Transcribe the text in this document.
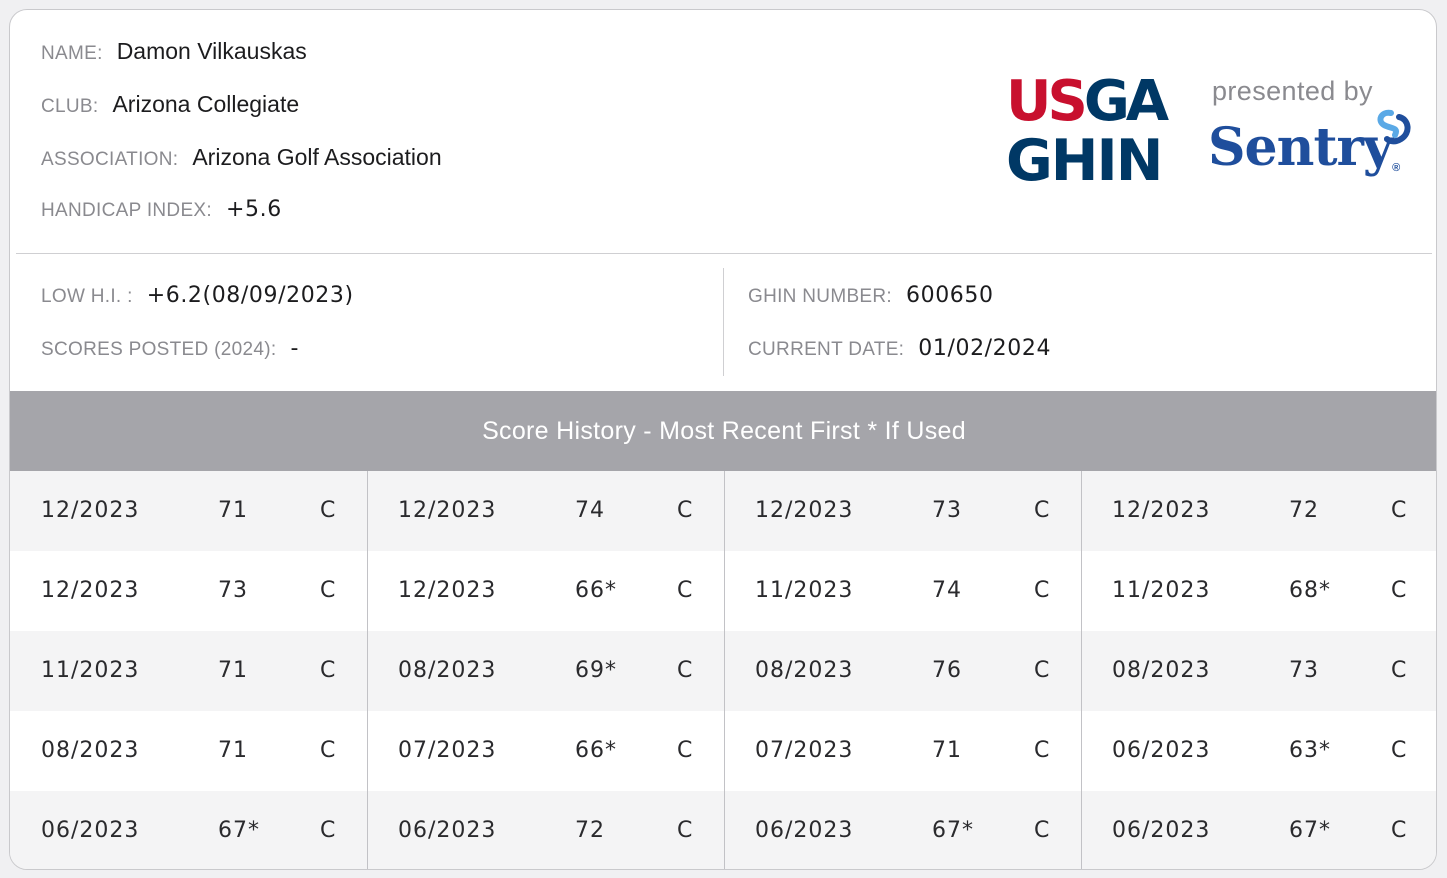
NAME: Damon Vilkauskas
CLUB: Arizona Collegiate
ASSOCIATION: Arizona Golf Association
HANDICAP INDEX: +5.6
USGA
GHIN
presented by
Sentry®
LOW H.I. : +6.2(08/09/2023)
SCORES POSTED (2024): -
GHIN NUMBER: 600650
CURRENT DATE: 01/02/2024
Score History - Most Recent First * If Used
12/2023	71	C	12/2023	74	C	12/2023	73	C	12/2023	72	C
12/2023	73	C	12/2023	66*	C	11/2023	74	C	11/2023	68*	C
11/2023	71	C	08/2023	69*	C	08/2023	76	C	08/2023	73	C
08/2023	71	C	07/2023	66*	C	07/2023	71	C	06/2023	63*	C
06/2023	67*	C	06/2023	72	C	06/2023	67*	C	06/2023	67*	C
